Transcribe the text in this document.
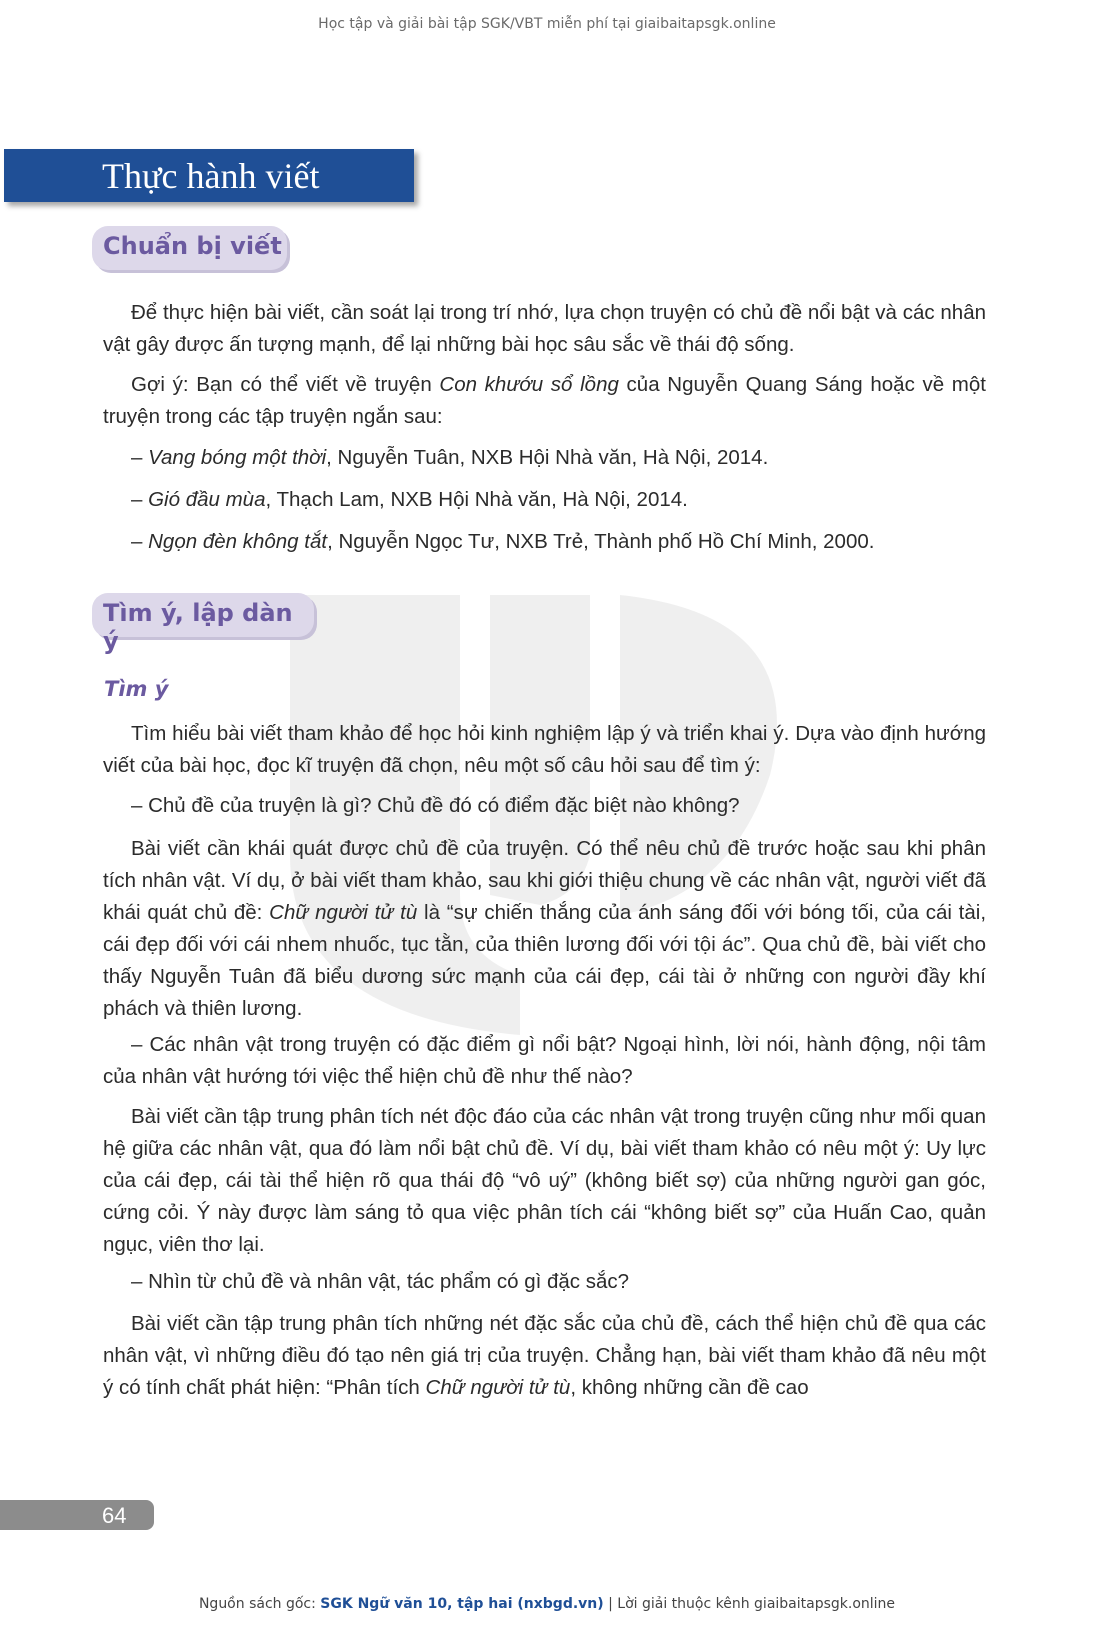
Học tập và giải bài tập SGK/VBT miễn phí tại giaibaitapsgk.online
Thực hành viết
Chuẩn bị viết

Để thực hiện bài viết, cần soát lại trong trí nhớ, lựa chọn truyện có chủ đề nổi bật và các nhân vật gây được ấn tượng mạnh, để lại những bài học sâu sắc về thái độ sống.

Gợi ý: Bạn có thể viết về truyện Con khướu sổ lồng của Nguyễn Quang Sáng hoặc về một truyện trong các tập truyện ngắn sau:

– Vang bóng một thời, Nguyễn Tuân, NXB Hội Nhà văn, Hà Nội, 2014.

– Gió đầu mùa, Thạch Lam, NXB Hội Nhà văn, Hà Nội, 2014.

– Ngọn đèn không tắt, Nguyễn Ngọc Tư, NXB Trẻ, Thành phố Hồ Chí Minh, 2000.

Tìm ý, lập dàn ý
Tìm ý

Tìm hiểu bài viết tham khảo để học hỏi kinh nghiệm lập ý và triển khai ý. Dựa vào định hướng viết của bài học, đọc kĩ truyện đã chọn, nêu một số câu hỏi sau để tìm ý:

– Chủ đề của truyện là gì? Chủ đề đó có điểm đặc biệt nào không?

Bài viết cần khái quát được chủ đề của truyện. Có thể nêu chủ đề trước hoặc sau khi phân tích nhân vật. Ví dụ, ở bài viết tham khảo, sau khi giới thiệu chung về các nhân vật, người viết đã khái quát chủ đề: Chữ người tử tù là “sự chiến thắng của ánh sáng đối với bóng tối, của cái tài, cái đẹp đối với cái nhem nhuốc, tục tằn, của thiên lương đối với tội ác”. Qua chủ đề, bài viết cho thấy Nguyễn Tuân đã biểu dương sức mạnh của cái đẹp, cái tài ở những con người đầy khí phách và thiên lương.

– Các nhân vật trong truyện có đặc điểm gì nổi bật? Ngoại hình, lời nói, hành động, nội tâm của nhân vật hướng tới việc thể hiện chủ đề như thế nào?

Bài viết cần tập trung phân tích nét độc đáo của các nhân vật trong truyện cũng như mối quan hệ giữa các nhân vật, qua đó làm nổi bật chủ đề. Ví dụ, bài viết tham khảo có nêu một ý: Uy lực của cái đẹp, cái tài thể hiện rõ qua thái độ “vô uý” (không biết sợ) của những người gan góc, cứng cỏi. Ý này được làm sáng tỏ qua việc phân tích cái “không biết sợ” của Huấn Cao, quản ngục, viên thơ lại.

– Nhìn từ chủ đề và nhân vật, tác phẩm có gì đặc sắc?

Bài viết cần tập trung phân tích những nét đặc sắc của chủ đề, cách thể hiện chủ đề qua các nhân vật, vì những điều đó tạo nên giá trị của truyện. Chẳng hạn, bài viết tham khảo đã nêu một ý có tính chất phát hiện: “Phân tích Chữ người tử tù, không những cần đề cao

64
Nguồn sách gốc: SGK Ngữ văn 10, tập hai (nxbgd.vn) | Lời giải thuộc kênh giaibaitapsgk.online
